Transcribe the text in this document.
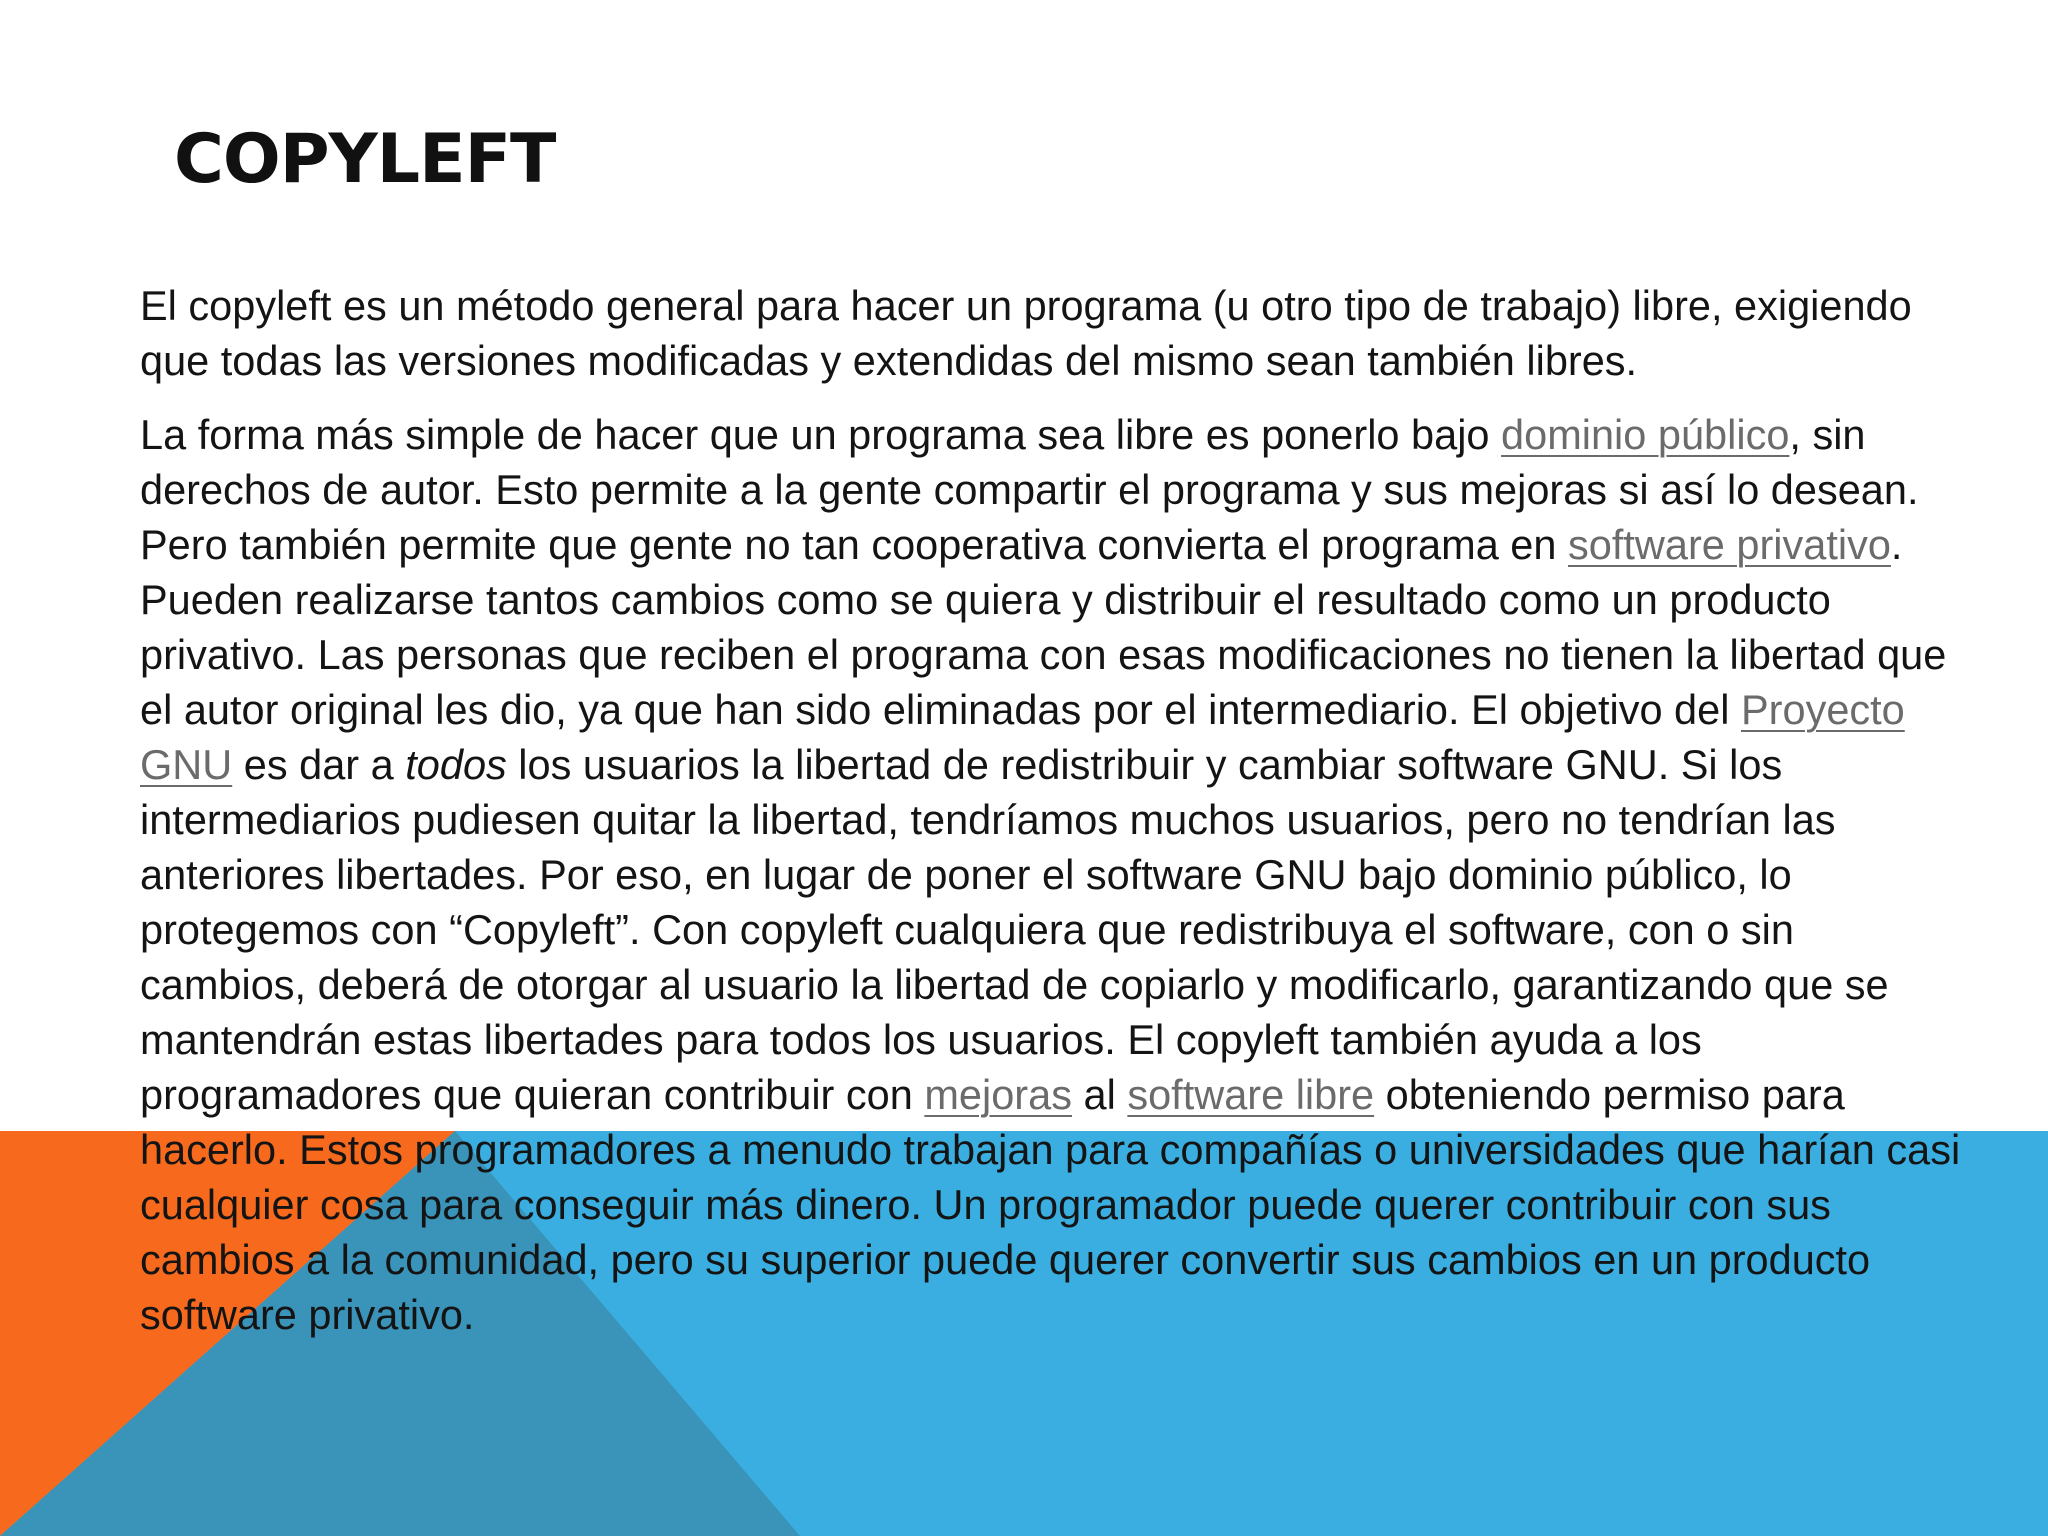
COPYLEFT

El copyleft es un método general para hacer un programa (u otro tipo de trabajo) libre, exigiendo que todas las versiones modificadas y extendidas del mismo sean también libres.

La forma más simple de hacer que un programa sea libre es ponerlo bajo dominio público, sin derechos de autor. Esto permite a la gente compartir el programa y sus mejoras si así lo desean. Pero también permite que gente no tan cooperativa convierta el programa en software privativo. Pueden realizarse tantos cambios como se quiera y distribuir el resultado como un producto privativo. Las personas que reciben el programa con esas modificaciones no tienen la libertad que el autor original les dio, ya que han sido eliminadas por el intermediario. El objetivo del Proyecto GNU es dar a todos los usuarios la libertad de redistribuir y cambiar software GNU. Si los intermediarios pudiesen quitar la libertad, tendríamos muchos usuarios, pero no tendrían las anteriores libertades. Por eso, en lugar de poner el software GNU bajo dominio público, lo protegemos con “Copyleft”. Con copyleft cualquiera que redistribuya el software, con o sin cambios, deberá de otorgar al usuario la libertad de copiarlo y modificarlo, garantizando que se mantendrán estas libertades para todos los usuarios. El copyleft también ayuda a los programadores que quieran contribuir con mejoras al software libre obteniendo permiso para hacerlo. Estos programadores a menudo trabajan para compañías o universidades que harían casi cualquier cosa para conseguir más dinero. Un programador puede querer contribuir con sus cambios a la comunidad, pero su superior puede querer convertir sus cambios en un producto software privativo.
